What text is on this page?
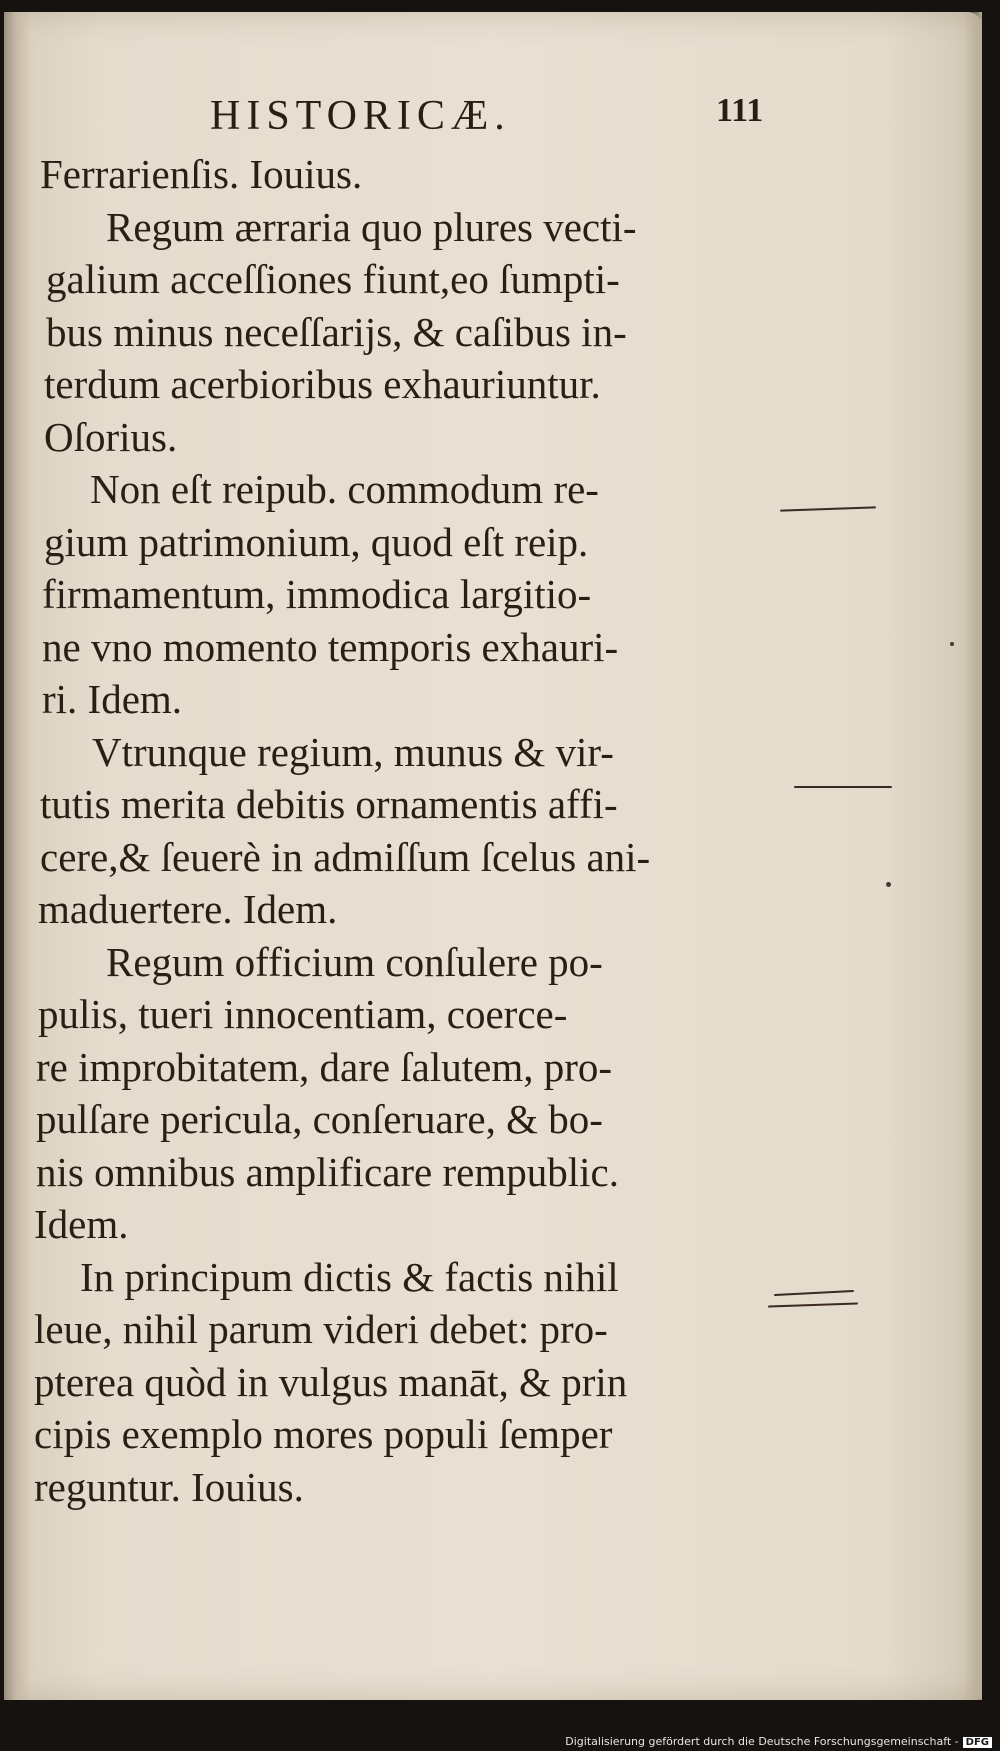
HISTORICÆ.	111
Ferrarienſis. Iouius.
Regum ærraria quo plures vecti-
galium acceſſiones fiunt,eo ſumpti-
bus minus neceſſarijs, & caſibus in-
terdum acerbioribus exhauriuntur.
Oſorius.
Non eſt reipub. commodum re-
gium patrimonium, quod eſt reip.
firmamentum, immodica largitio-
ne vno momento temporis exhauri-
ri. Idem.
Vtrunque regium, munus & vir-
tutis merita debitis ornamentis affi-
cere,& ſeuerè in admiſſum ſcelus ani-
maduertere. Idem.
Regum officium conſulere po-
pulis, tueri innocentiam, coerce-
re improbitatem, dare ſalutem, pro-
pulſare pericula, conſeruare, & bo-
nis omnibus amplificare rempublic.
Idem.
In principum dictis & factis nihil
leue, nihil parum videri debet: pro-
pterea quòd in vulgus manāt, & prin
cipis exemplo mores populi ſemper
reguntur. Iouius.
Digitalisierung gefördert durch die Deutsche Forschungsgemeinschaft - DFG
